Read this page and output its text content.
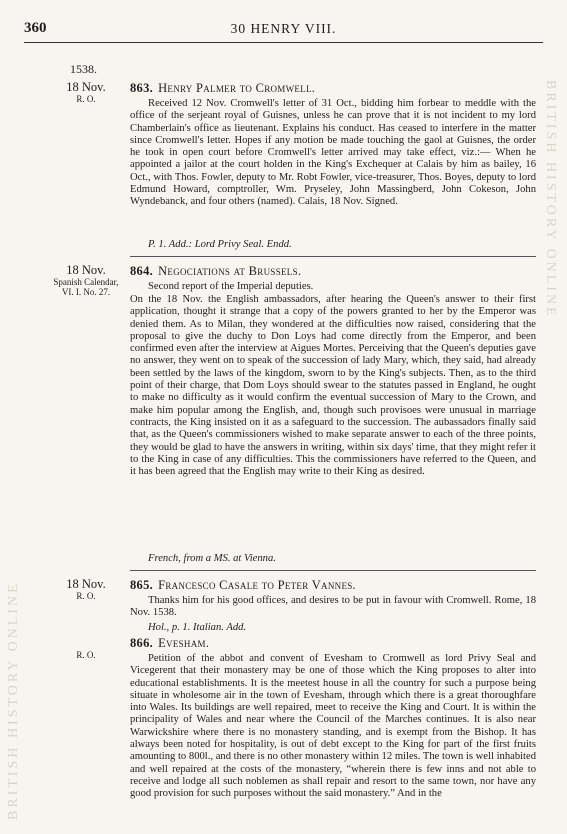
360	30 HENRY VIII.
1538.
18 Nov.
R. O.
863. Henry Palmer to Cromwell.

Received 12 Nov. Cromwell's letter of 31 Oct., bidding him forbear to meddle with the office of the serjeant royal of Guisnes, unless he can prove that it is not incident to my lord Chamberlain's office as lieutenant. Explains his conduct. Has ceased to interfere in the matter since Cromwell's letter. Hopes if any motion be made touching the gaol at Guisnes, the order he took in open court before Cromwell's letter arrived may take effect, viz.:— When he appointed a jailor at the court holden in the King's Exchequer at Calais by him as bailey, 16 Oct., with Thos. Fowler, deputy to Mr. Robt Fowler, vice-treasurer, Thos. Boyes, deputy to lord Edmund Howard, comptroller, Wm. Pryseley, John Massingberd, John Cokeson, John Wyndebanck, and four others (named). Calais, 18 Nov. Signed.

P. 1. Add.: Lord Privy Seal. Endd.
18 Nov.
Spanish Calendar, VI. I. No. 27.
864. Negociations at Brussels.

Second report of the Imperial deputies.

On the 18 Nov. the English ambassadors, after hearing the Queen's answer to their first application, thought it strange that a copy of the powers granted to her by the Emperor was denied them. As to Milan, they wondered at the difficulties now raised, considering that the proposal to give the duchy to Don Loys had come directly from the Emperor, and been confirmed even after the interview at Aigues Mortes. Perceiving that the Queen's deputies gave no answer, they went on to speak of the succession of lady Mary, which, they said, had already been settled by the laws of the kingdom, sworn to by the King's subjects. Then, as to the third point of their charge, that Dom Loys should swear to the statutes passed in England, he ought to make no difficulty as it would confirm the eventual succession of Mary to the Crown, and make him popular among the English, and, though such provisoes were unusual in marriage contracts, the King insisted on it as a safeguard to the succession. The aubassadors finally said that, as the Queen's commissioners wished to make separate answer to each of the three points, they would be glad to have the answers in writing, within six days' time, that they might refer it to the King in case of any difficulties. This the commissioners have referred to the Queen, and it has been agreed that the English may write to their King as desired.

French, from a MS. at Vienna.
18 Nov.
R. O.
865. Francesco Casale to Peter Vannes.

Thanks him for his good offices, and desires to be put in favour with Cromwell. Rome, 18 Nov. 1538.

Hol., p. 1. Italian. Add.
R. O.
866. Evesham.

Petition of the abbot and convent of Evesham to Cromwell as lord Privy Seal and Vicegerent that their monastery may be one of those which the King proposes to alter into educational establishments. It is the meetest house in all the country for such a purpose being situate in wholesome air in the town of Evesham, through which there is a great thoroughfare into Wales. Its buildings are well repaired, meet to receive the King and Court. It is within the principality of Wales and near where the Council of the Marches continues. It is also near Warwickshire where there is no monastery standing, and is exempt from the Bishop. It has always been noted for hospitality, is out of debt except to the King for part of the first fruits amounting to 800l., and there is no other monastery within 12 miles. The town is well inhabited and well repaired at the costs of the monastery, “wherein there is few inns and not able to receive and lodge all such noblemen as shall repair and resort to the same town, nor have any good provision for such purposes without the said monastery.” And in the

BRITISH HISTORY ONLINE
BRITISH HISTORY ONLINE
